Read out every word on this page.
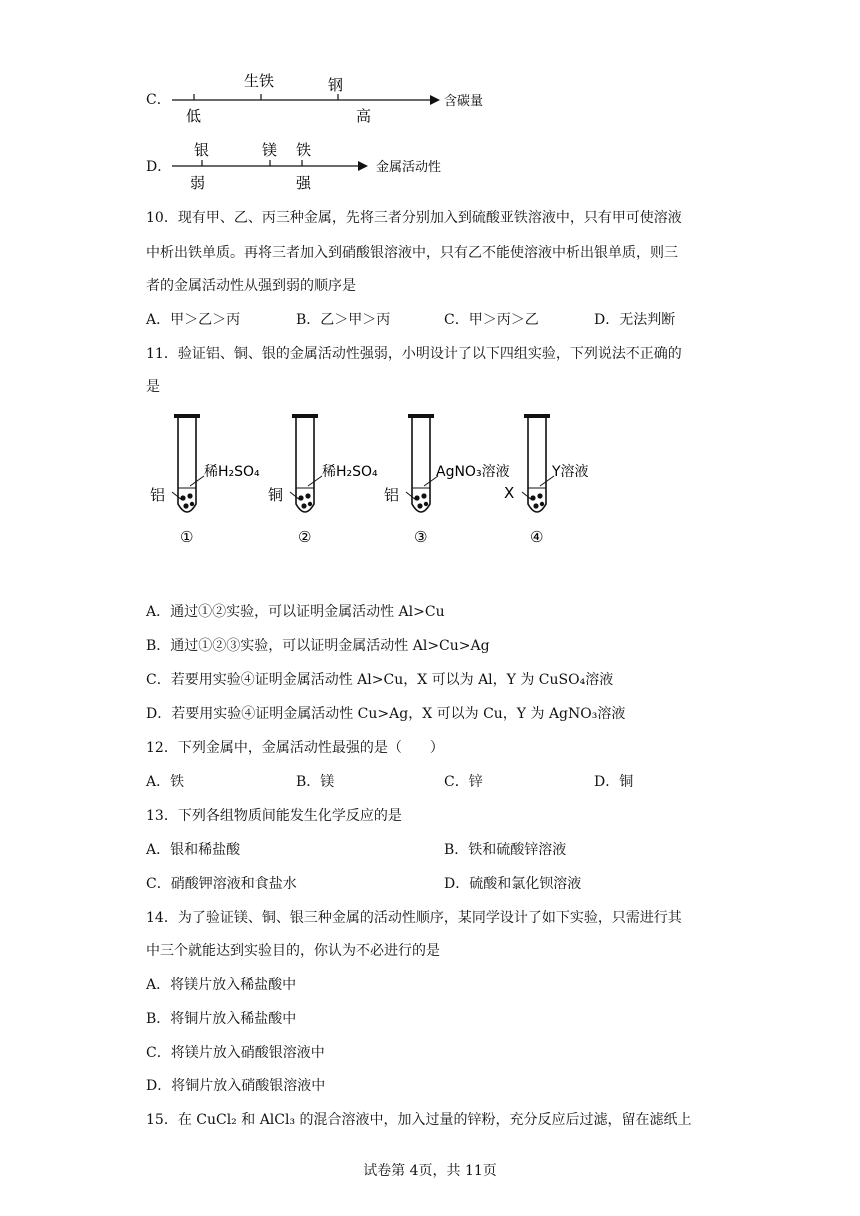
C．
生铁	钢
低	高
含碳量
D．
银	镁 铁
弱	强
金属活动性
10．现有甲、乙、丙三种金属，先将三者分别加入到硫酸亚铁溶液中，只有甲可使溶液
中析出铁单质。再将三者加入到硝酸银溶液中，只有乙不能使溶液中析出银单质，则三
者的金属活动性从强到弱的顺序是
A．甲＞乙＞丙	B．乙＞甲＞丙	C．甲＞丙＞乙	D．无法判断
11．验证铝、铜、银的金属活动性强弱，小明设计了以下四组实验，下列说法不正确的
是
铝
稀H₂SO₄
①
铜
稀H₂SO₄
②
铝
AgNO₃溶液
③
X
Y溶液
④
A．通过①②实验，可以证明金属活动性 Al>Cu
B．通过①②③实验，可以证明金属活动性 Al>Cu>Ag
C．若要用实验④证明金属活动性 Al>Cu，X 可以为 Al，Y 为 CuSO₄溶液
D．若要用实验④证明金属活动性 Cu>Ag，X 可以为 Cu，Y 为 AgNO₃溶液
12．下列金属中，金属活动性最强的是（　　）
A．铁	B．镁	C．锌	D．铜
13．下列各组物质间能发生化学反应的是
A．银和稀盐酸	B．铁和硫酸锌溶液
C．硝酸钾溶液和食盐水	D．硫酸和氯化钡溶液
14．为了验证镁、铜、银三种金属的活动性顺序，某同学设计了如下实验，只需进行其
中三个就能达到实验目的，你认为不必进行的是
A．将镁片放入稀盐酸中
B．将铜片放入稀盐酸中
C．将镁片放入硝酸银溶液中
D．将铜片放入硝酸银溶液中
15．在 CuCl₂ 和 AlCl₃ 的混合溶液中，加入过量的锌粉，充分反应后过滤，留在滤纸上
试卷第 4页，共 11页
